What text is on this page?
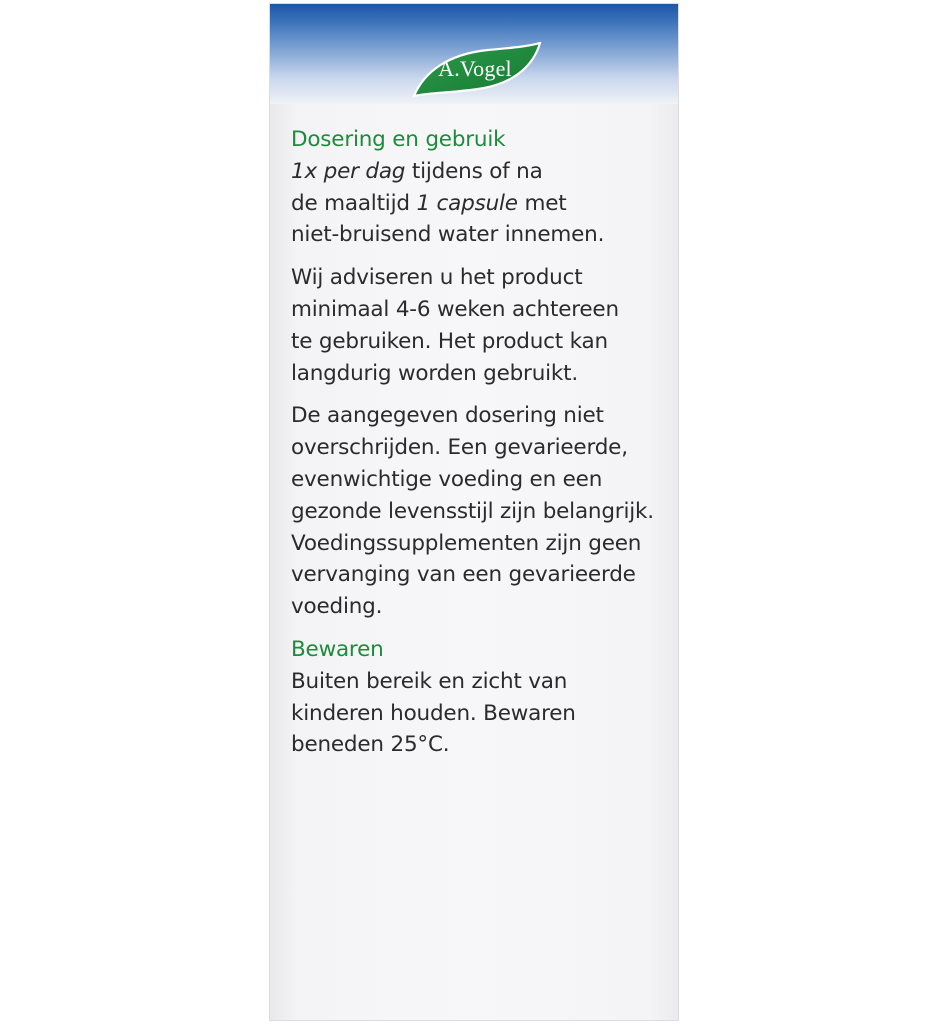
A.Vogel
Dosering en gebruik
1x per dag tijdens of na
de maaltijd 1 capsule met
niet-bruisend water innemen.
Wij adviseren u het product
minimaal 4-6 weken achtereen
te gebruiken. Het product kan
langdurig worden gebruikt.
De aangegeven dosering niet
overschrijden. Een gevarieerde,
evenwichtige voeding en een
gezonde levensstijl zijn belangrijk.
Voedingssupplementen zijn geen
vervanging van een gevarieerde
voeding.
Bewaren
Buiten bereik en zicht van
kinderen houden. Bewaren
beneden 25°C.
